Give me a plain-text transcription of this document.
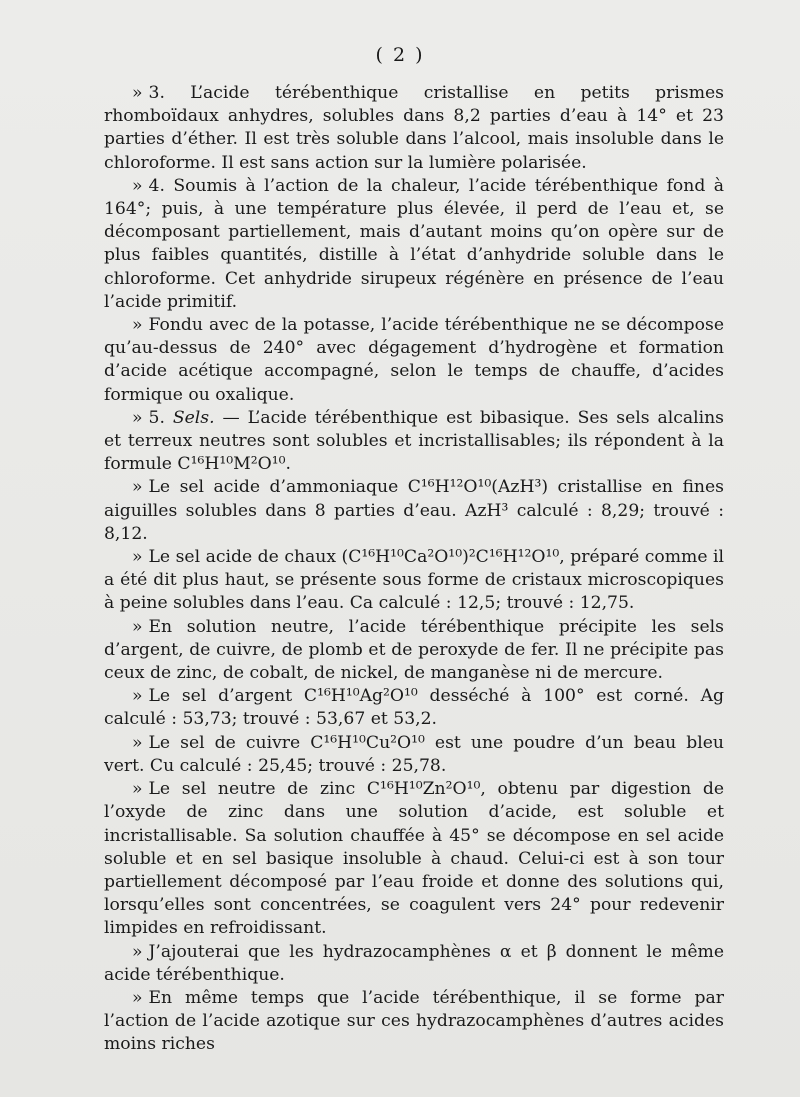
( 2 )

» 3. L’acide térébenthique cristallise en petits prismes rhomboïdaux anhydres, solubles dans 8,2 parties d’eau à 14° et 23 parties d’éther. Il est très soluble dans l’alcool, mais insoluble dans le chloroforme. Il est sans action sur la lumière polarisée.

» 4. Soumis à l’action de la chaleur, l’acide térébenthique fond à 164°; puis, à une température plus élevée, il perd de l’eau et, se décomposant partiellement, mais d’autant moins qu’on opère sur de plus faibles quantités, distille à l’état d’anhydride soluble dans le chloroforme. Cet anhydride sirupeux régénère en présence de l’eau l’acide primitif.

» Fondu avec de la potasse, l’acide térébenthique ne se décompose qu’au-dessus de 240° avec dégagement d’hydrogène et formation d’acide acétique accompagné, selon le temps de chauffe, d’acides formique ou oxalique.

» 5. Sels. — L’acide térébenthique est bibasique. Ses sels alcalins et terreux neutres sont solubles et incristallisables; ils répondent à la formule C¹⁶H¹⁰M²O¹⁰.

» Le sel acide d’ammoniaque C¹⁶H¹²O¹⁰(AzH³) cristallise en fines aiguilles solubles dans 8 parties d’eau. AzH³ calculé : 8,29; trouvé : 8,12.

» Le sel acide de chaux (C¹⁶H¹⁰Ca²O¹⁰)²C¹⁶H¹²O¹⁰, préparé comme il a été dit plus haut, se présente sous forme de cristaux microscopiques à peine solubles dans l’eau. Ca calculé : 12,5; trouvé : 12,75.

» En solution neutre, l’acide térébenthique précipite les sels d’argent, de cuivre, de plomb et de peroxyde de fer. Il ne précipite pas ceux de zinc, de cobalt, de nickel, de manganèse ni de mercure.

» Le sel d’argent C¹⁶H¹⁰Ag²O¹⁰ desséché à 100° est corné. Ag calculé : 53,73; trouvé : 53,67 et 53,2.

» Le sel de cuivre C¹⁶H¹⁰Cu²O¹⁰ est une poudre d’un beau bleu vert. Cu calculé : 25,45; trouvé : 25,78.

» Le sel neutre de zinc C¹⁶H¹⁰Zn²O¹⁰, obtenu par digestion de l’oxyde de zinc dans une solution d’acide, est soluble et incristallisable. Sa solution chauffée à 45° se décompose en sel acide soluble et en sel basique insoluble à chaud. Celui-ci est à son tour partiellement décomposé par l’eau froide et donne des solutions qui, lorsqu’elles sont concentrées, se coagulent vers 24° pour redevenir limpides en refroidissant.

» J’ajouterai que les hydrazocamphènes α et β donnent le même acide térébenthique.

» En même temps que l’acide térébenthique, il se forme par l’action de l’acide azotique sur ces hydrazocamphènes d’autres acides moins riches
